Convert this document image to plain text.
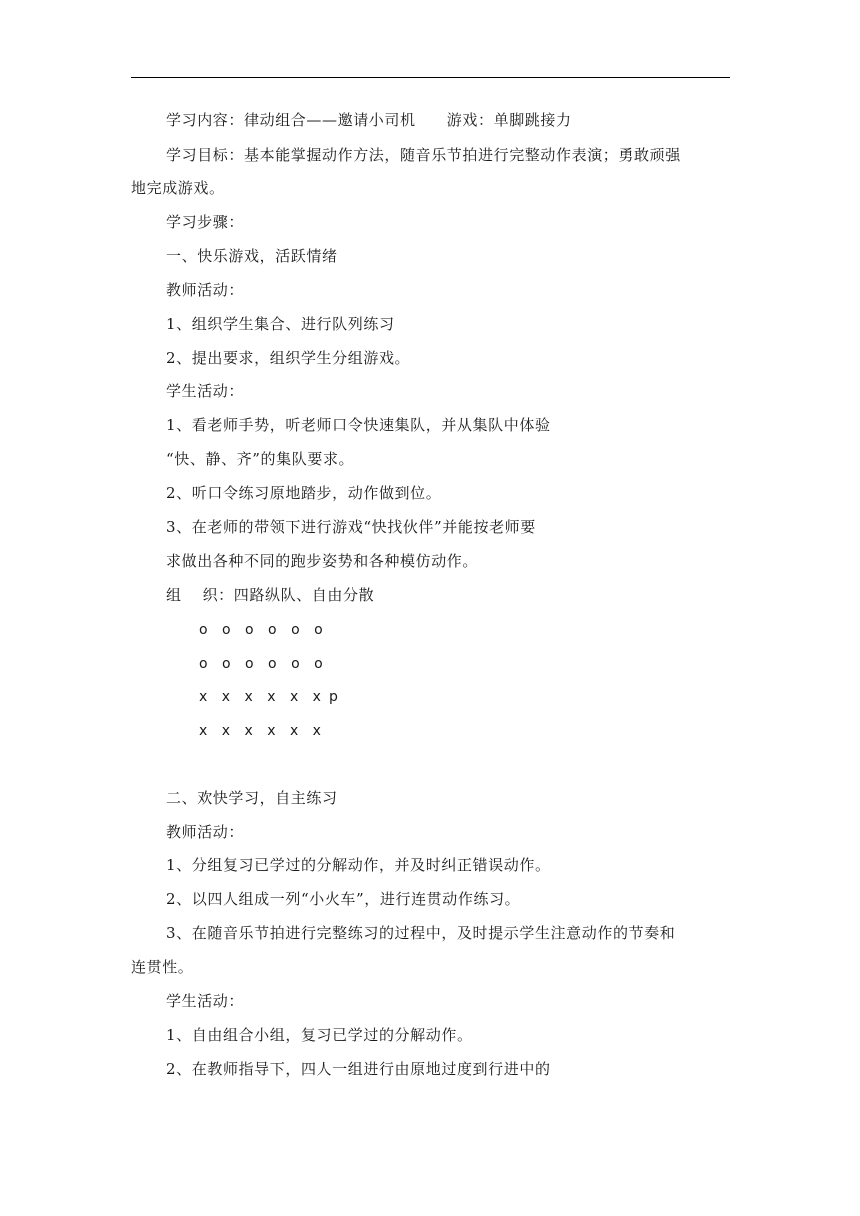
学习内容：律动组合——邀请小司机　　游戏：单脚跳接力
学习目标：基本能掌握动作方法，随音乐节拍进行完整动作表演；勇敢顽强
地完成游戏。
学习步骤：
一、快乐游戏，活跃情绪
教师活动：
1、组织学生集合、进行队列练习
2、提出要求，组织学生分组游戏。
学生活动：
1、看老师手势，听老师口令快速集队，并从集队中体验
“快、静、齐”的集队要求。
2、听口令练习原地踏步，动作做到位。
3、在老师的带领下进行游戏“快找伙伴”并能按老师要
求做出各种不同的跑步姿势和各种模仿动作。
组　 织：四路纵队、自由分散
o o o o o o
o o o o o o
x x x x x x p
x x x x x x
二、欢快学习，自主练习
教师活动：
1、分组复习已学过的分解动作，并及时纠正错误动作。
2、以四人组成一列“小火车”，进行连贯动作练习。
3、在随音乐节拍进行完整练习的过程中，及时提示学生注意动作的节奏和
连贯性。
学生活动：
1、自由组合小组，复习已学过的分解动作。
2、在教师指导下，四人一组进行由原地过度到行进中的
